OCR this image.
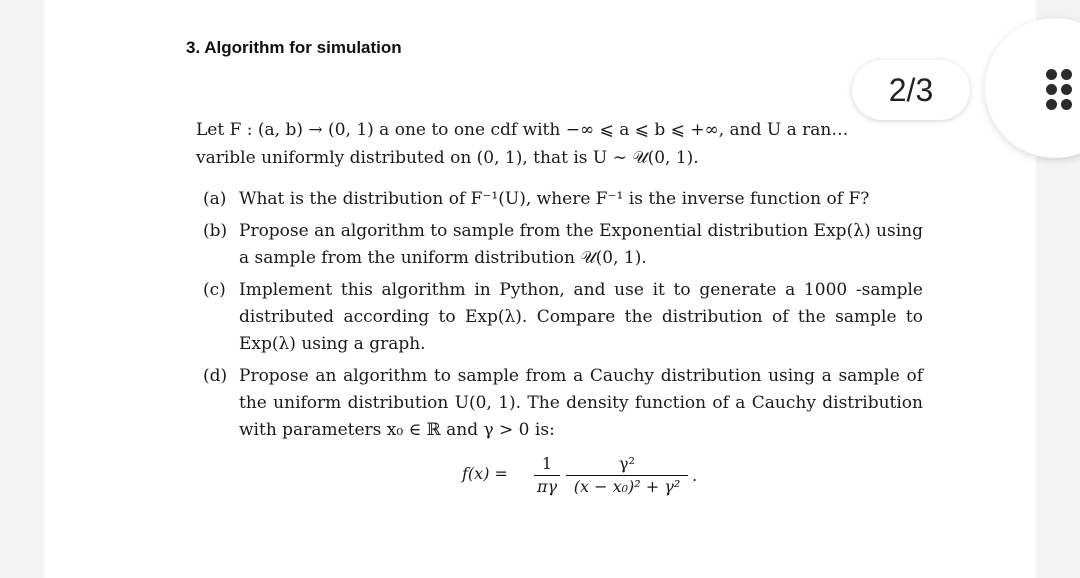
3. Algorithm for simulation
Let F : (a, b) → (0, 1) a one to one cdf with −∞ ⩽ a ⩽ b ⩽ +∞, and U a ran…
varible uniformly distributed on (0, 1), that is U ∼ 𝒰(0, 1).
(a) What is the distribution of F⁻¹(U), where F⁻¹ is the inverse function of F?
(b) Propose an algorithm to sample from the Exponential distribution Exp(λ) using a sample from the uniform distribution 𝒰(0, 1).
(c) Implement this algorithm in Python, and use it to generate a 1000 -sample distributed according to Exp(λ). Compare the distribution of the sample to Exp(λ) using a graph.
(d) Propose an algorithm to sample from a Cauchy distribution using a sample of the uniform distribution U(0, 1). The density function of a Cauchy distribution with parameters x₀ ∈ ℝ and γ > 0 is:
f(x) =
1
πγ
γ²
(x − x₀)² + γ²
.
2/3
